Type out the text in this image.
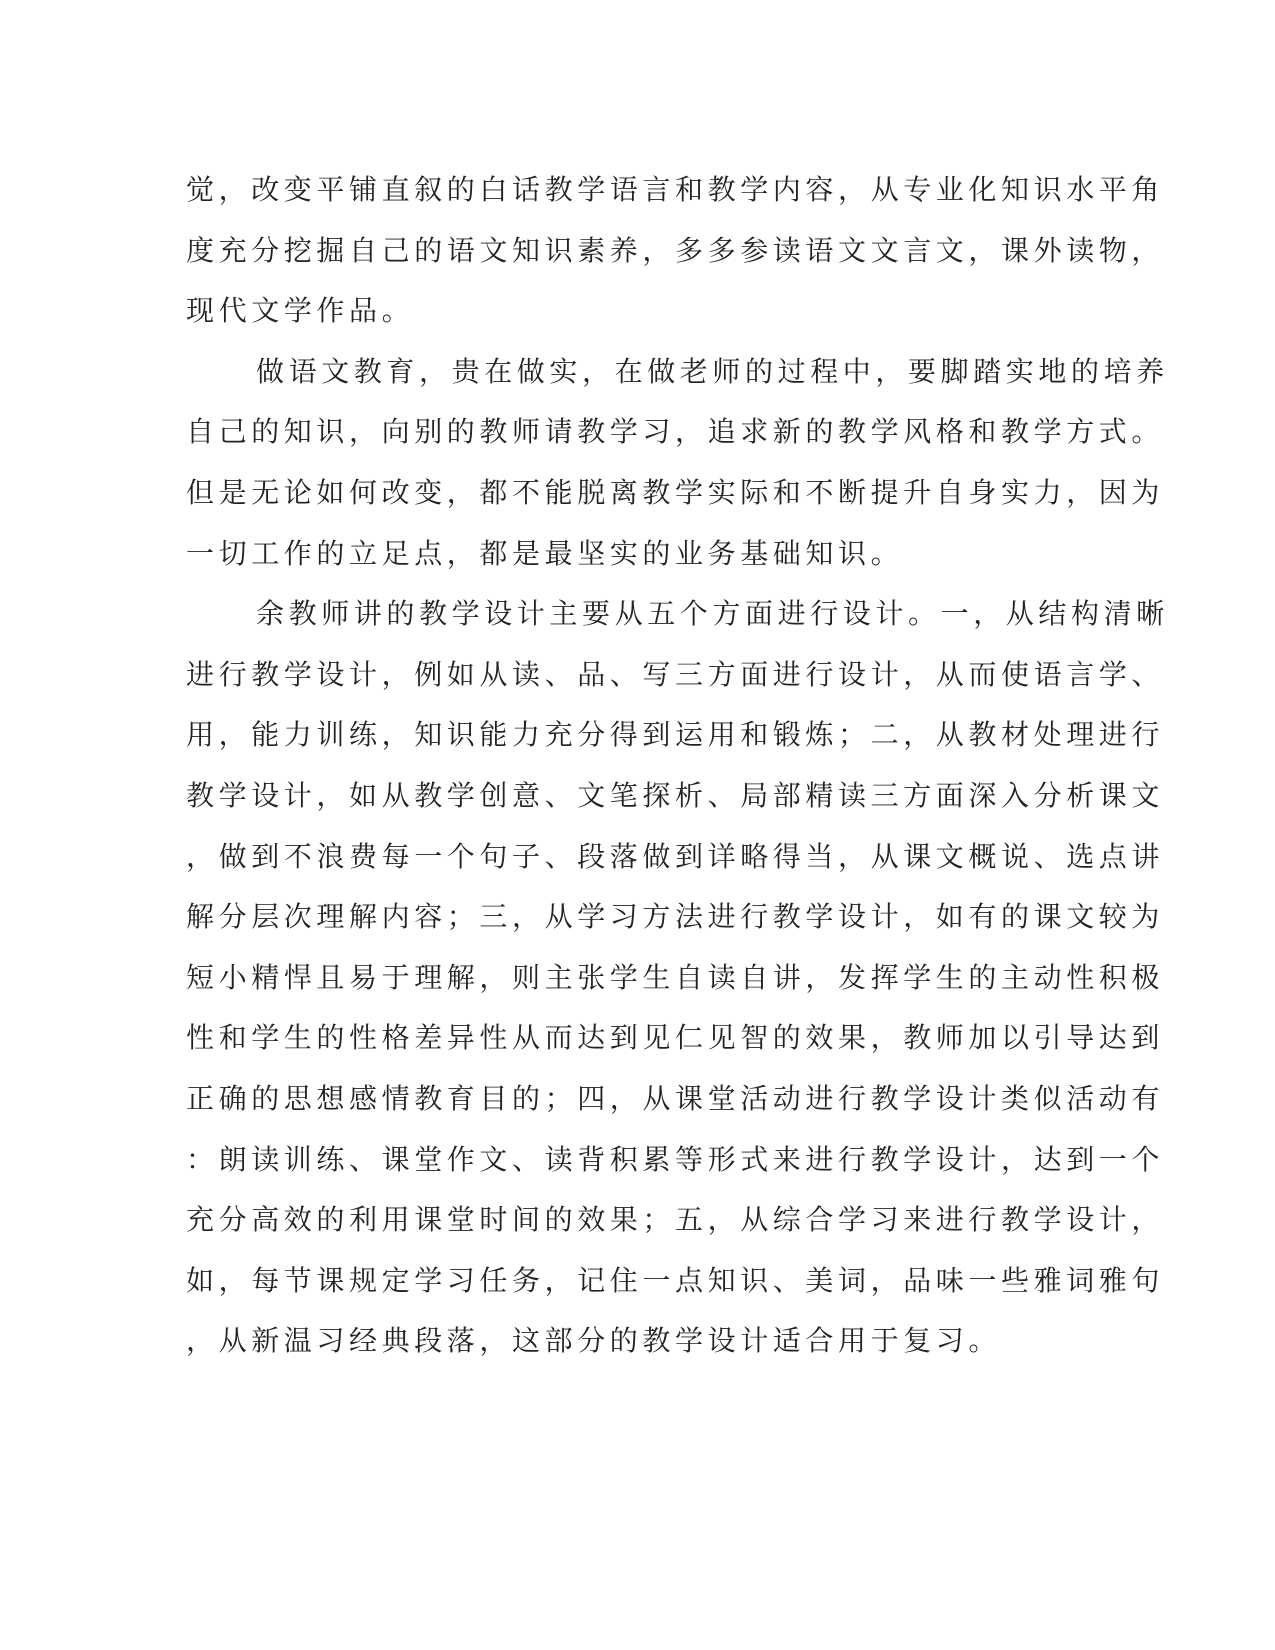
觉，改变平铺直叙的白话教学语言和教学内容，从专业化知识水平角
度充分挖掘自己的语文知识素养，多多参读语文文言文，课外读物，
现代文学作品。
做语文教育，贵在做实，在做老师的过程中，要脚踏实地的培养
自己的知识，向别的教师请教学习，追求新的教学风格和教学方式。
但是无论如何改变，都不能脱离教学实际和不断提升自身实力，因为
一切工作的立足点，都是最坚实的业务基础知识。
余教师讲的教学设计主要从五个方面进行设计。一，从结构清晰
进行教学设计，例如从读、品、写三方面进行设计，从而使语言学、
用，能力训练，知识能力充分得到运用和锻炼；二，从教材处理进行
教学设计，如从教学创意、文笔探析、局部精读三方面深入分析课文
，做到不浪费每一个句子、段落做到详略得当，从课文概说、选点讲
解分层次理解内容；三，从学习方法进行教学设计，如有的课文较为
短小精悍且易于理解，则主张学生自读自讲，发挥学生的主动性积极
性和学生的性格差异性从而达到见仁见智的效果，教师加以引导达到
正确的思想感情教育目的；四，从课堂活动进行教学设计类似活动有
：朗读训练、课堂作文、读背积累等形式来进行教学设计，达到一个
充分高效的利用课堂时间的效果；五，从综合学习来进行教学设计，
如，每节课规定学习任务，记住一点知识、美词，品味一些雅词雅句
，从新温习经典段落，这部分的教学设计适合用于复习。
